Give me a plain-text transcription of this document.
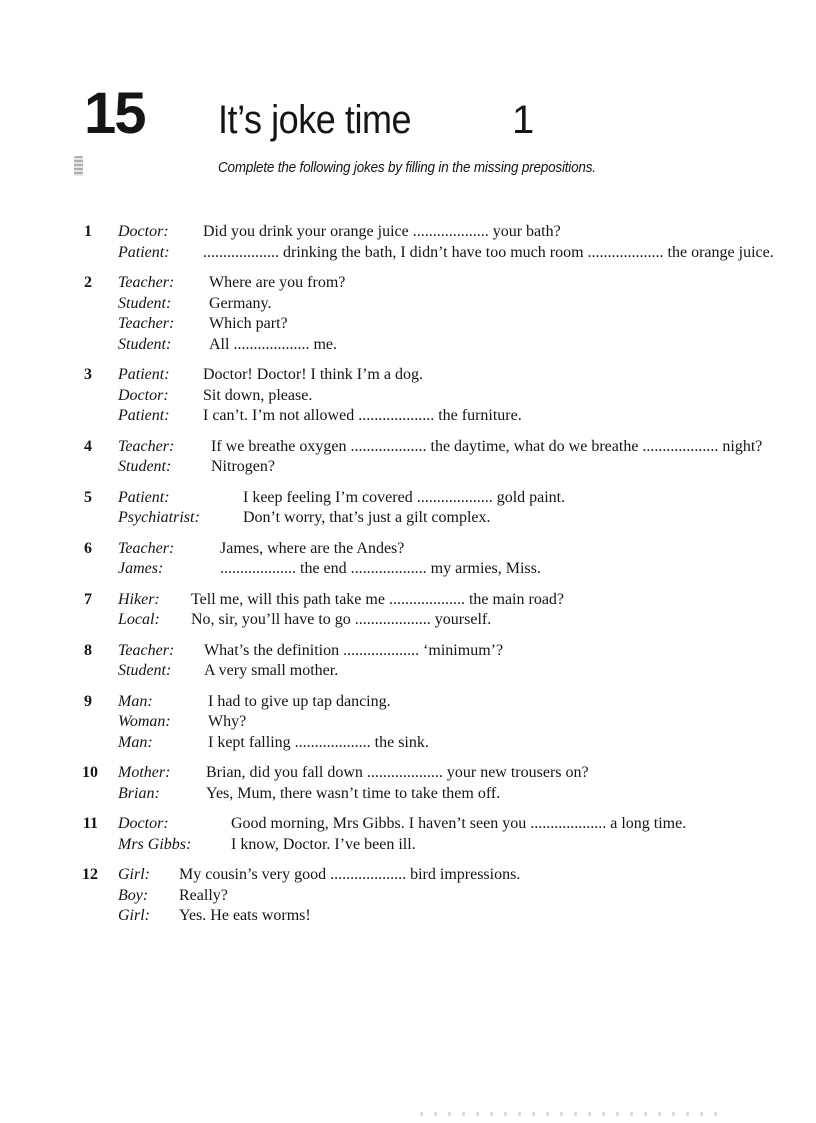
15 It’s joke time	1
Complete the following jokes by filling in the missing prepositions.
1 Doctor:	Did you drink your orange juice ................... your bath?
Patient:	................... drinking the bath, I didn’t have too much room ................... the orange juice.
2 Teacher:	Where are you from?
Student:	Germany.
Teacher:	Which part?
Student:	All ................... me.
3 Patient:	Doctor! Doctor! I think I’m a dog.
Doctor:	Sit down, please.
Patient:	I can’t. I’m not allowed ................... the furniture.
4 Teacher:	If we breathe oxygen ................... the daytime, what do we breathe ................... night?
Student:	Nitrogen?
5 Patient:	I keep feeling I’m covered ................... gold paint.
Psychiatrist:	Don’t worry, that’s just a gilt complex.
6 Teacher:	James, where are the Andes?
James:	................... the end ................... my armies, Miss.
7 Hiker:	Tell me, will this path take me ................... the main road?
Local:	No, sir, you’ll have to go ................... yourself.
8 Teacher:	What’s the definition ................... ‘minimum’?
Student:	A very small mother.
9 Man:	I had to give up tap dancing.
Woman:	Why?
Man:	I kept falling ................... the sink.
10 Mother:	Brian, did you fall down ................... your new trousers on?
Brian:	Yes, Mum, there wasn’t time to take them off.
11 Doctor:	Good morning, Mrs Gibbs. I haven’t seen you ................... a long time.
Mrs Gibbs:	I know, Doctor. I’ve been ill.
12 Girl:	My cousin’s very good ................... bird impressions.
Boy:	Really?
Girl:	Yes. He eats worms!
